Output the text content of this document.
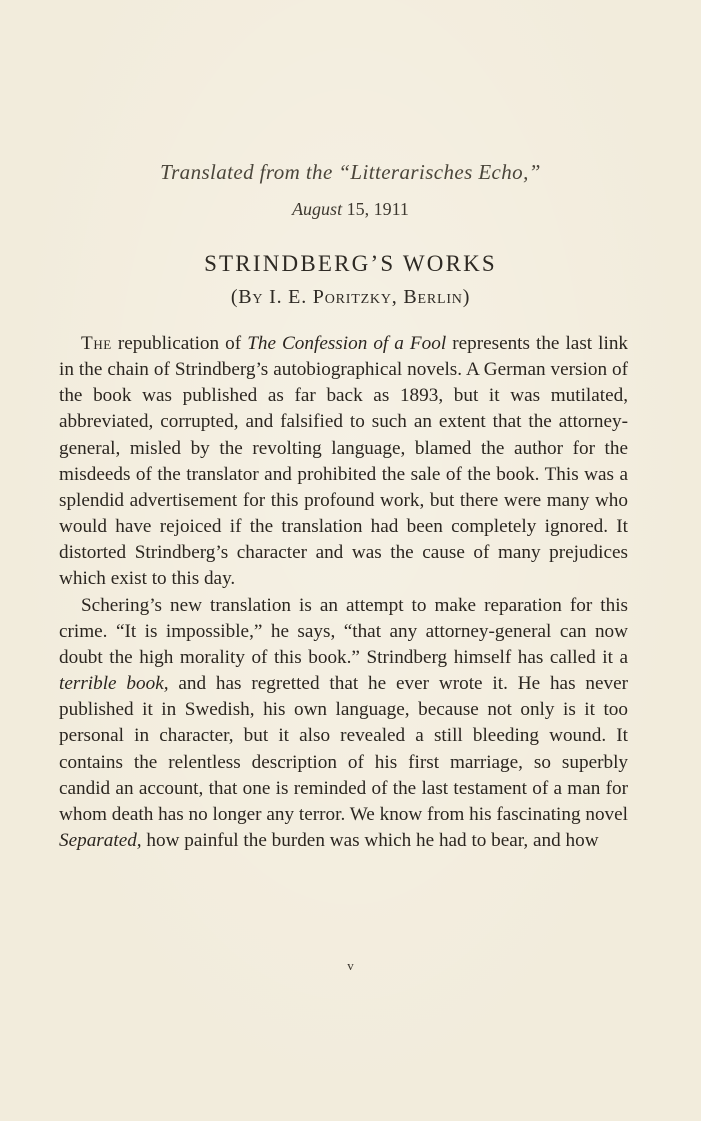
Translated from the “Litterarisches Echo,”
August 15, 1911
STRINDBERG’S WORKS
(By I. E. Poritzky, Berlin)

The republication of The Confession of a Fool represents the last link in the chain of Strindberg’s autobiographical novels. A German version of the book was published as far back as 1893, but it was mutilated, abbreviated, corrupted, and falsified to such an extent that the attorney-general, misled by the revolting language, blamed the author for the misdeeds of the translator and prohibited the sale of the book. This was a splendid advertisement for this profound work, but there were many who would have rejoiced if the translation had been completely ignored. It distorted Strindberg’s character and was the cause of many prejudices which exist to this day.

Schering’s new translation is an attempt to make reparation for this crime. “It is impossible,” he says, “that any attorney-general can now doubt the high morality of this book.” Strindberg himself has called it a terrible book, and has regretted that he ever wrote it. He has never published it in Swedish, his own language, because not only is it too personal in character, but it also revealed a still bleeding wound. It contains the relentless description of his first marriage, so superbly candid an account, that one is reminded of the last testament of a man for whom death has no longer any terror. We know from his fascinating novel Separated, how painful the burden was which he had to bear, and how

v
